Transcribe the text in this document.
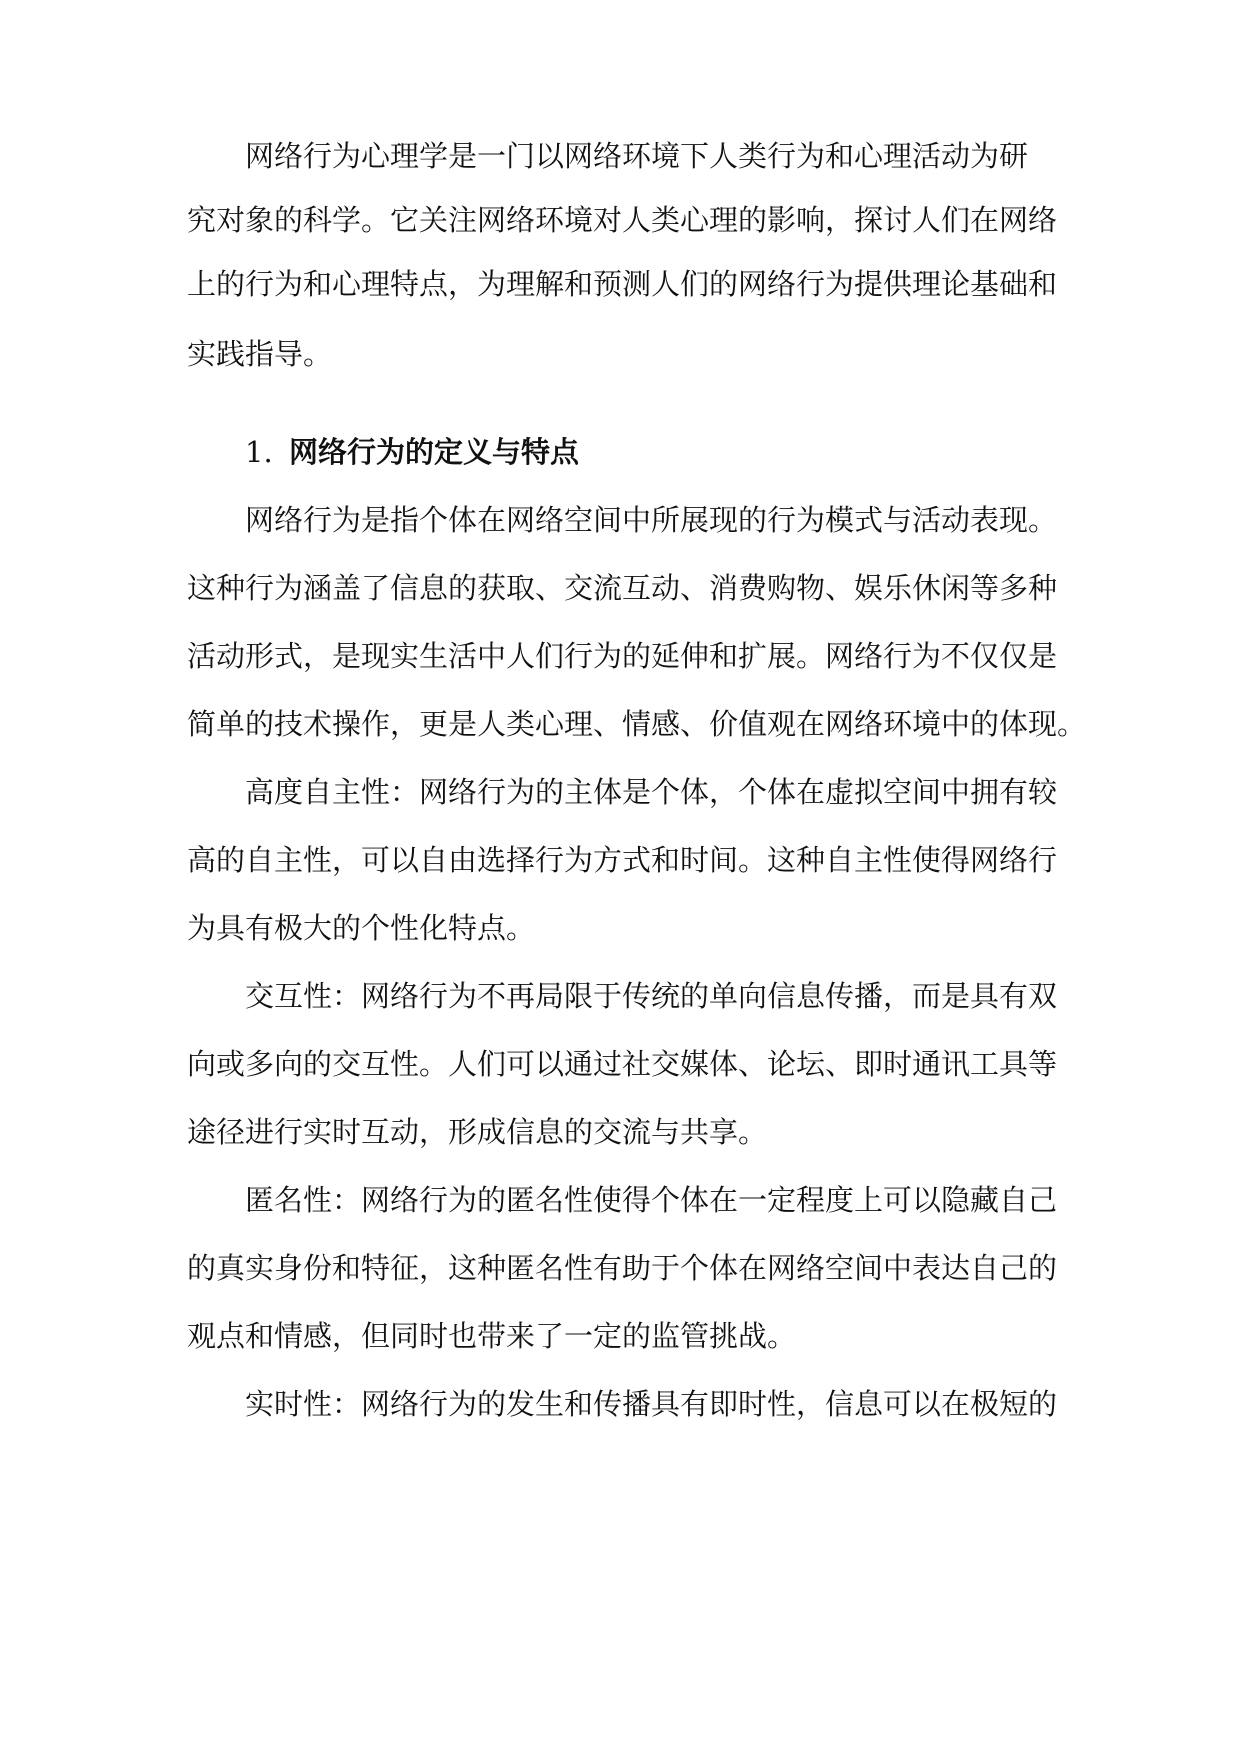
网络行为心理学是一门以网络环境下人类行为和心理活动为研
究对象的科学。它关注网络环境对人类心理的影响，探讨人们在网络
上的行为和心理特点，为理解和预测人们的网络行为提供理论基础和
实践指导。
1. 网络行为的定义与特点
网络行为是指个体在网络空间中所展现的行为模式与活动表现。
这种行为涵盖了信息的获取、交流互动、消费购物、娱乐休闲等多种
活动形式，是现实生活中人们行为的延伸和扩展。网络行为不仅仅是
简单的技术操作，更是人类心理、情感、价值观在网络环境中的体现。
高度自主性：网络行为的主体是个体，个体在虚拟空间中拥有较
高的自主性，可以自由选择行为方式和时间。这种自主性使得网络行
为具有极大的个性化特点。
交互性：网络行为不再局限于传统的单向信息传播，而是具有双
向或多向的交互性。人们可以通过社交媒体、论坛、即时通讯工具等
途径进行实时互动，形成信息的交流与共享。
匿名性：网络行为的匿名性使得个体在一定程度上可以隐藏自己
的真实身份和特征，这种匿名性有助于个体在网络空间中表达自己的
观点和情感，但同时也带来了一定的监管挑战。
实时性：网络行为的发生和传播具有即时性，信息可以在极短的
